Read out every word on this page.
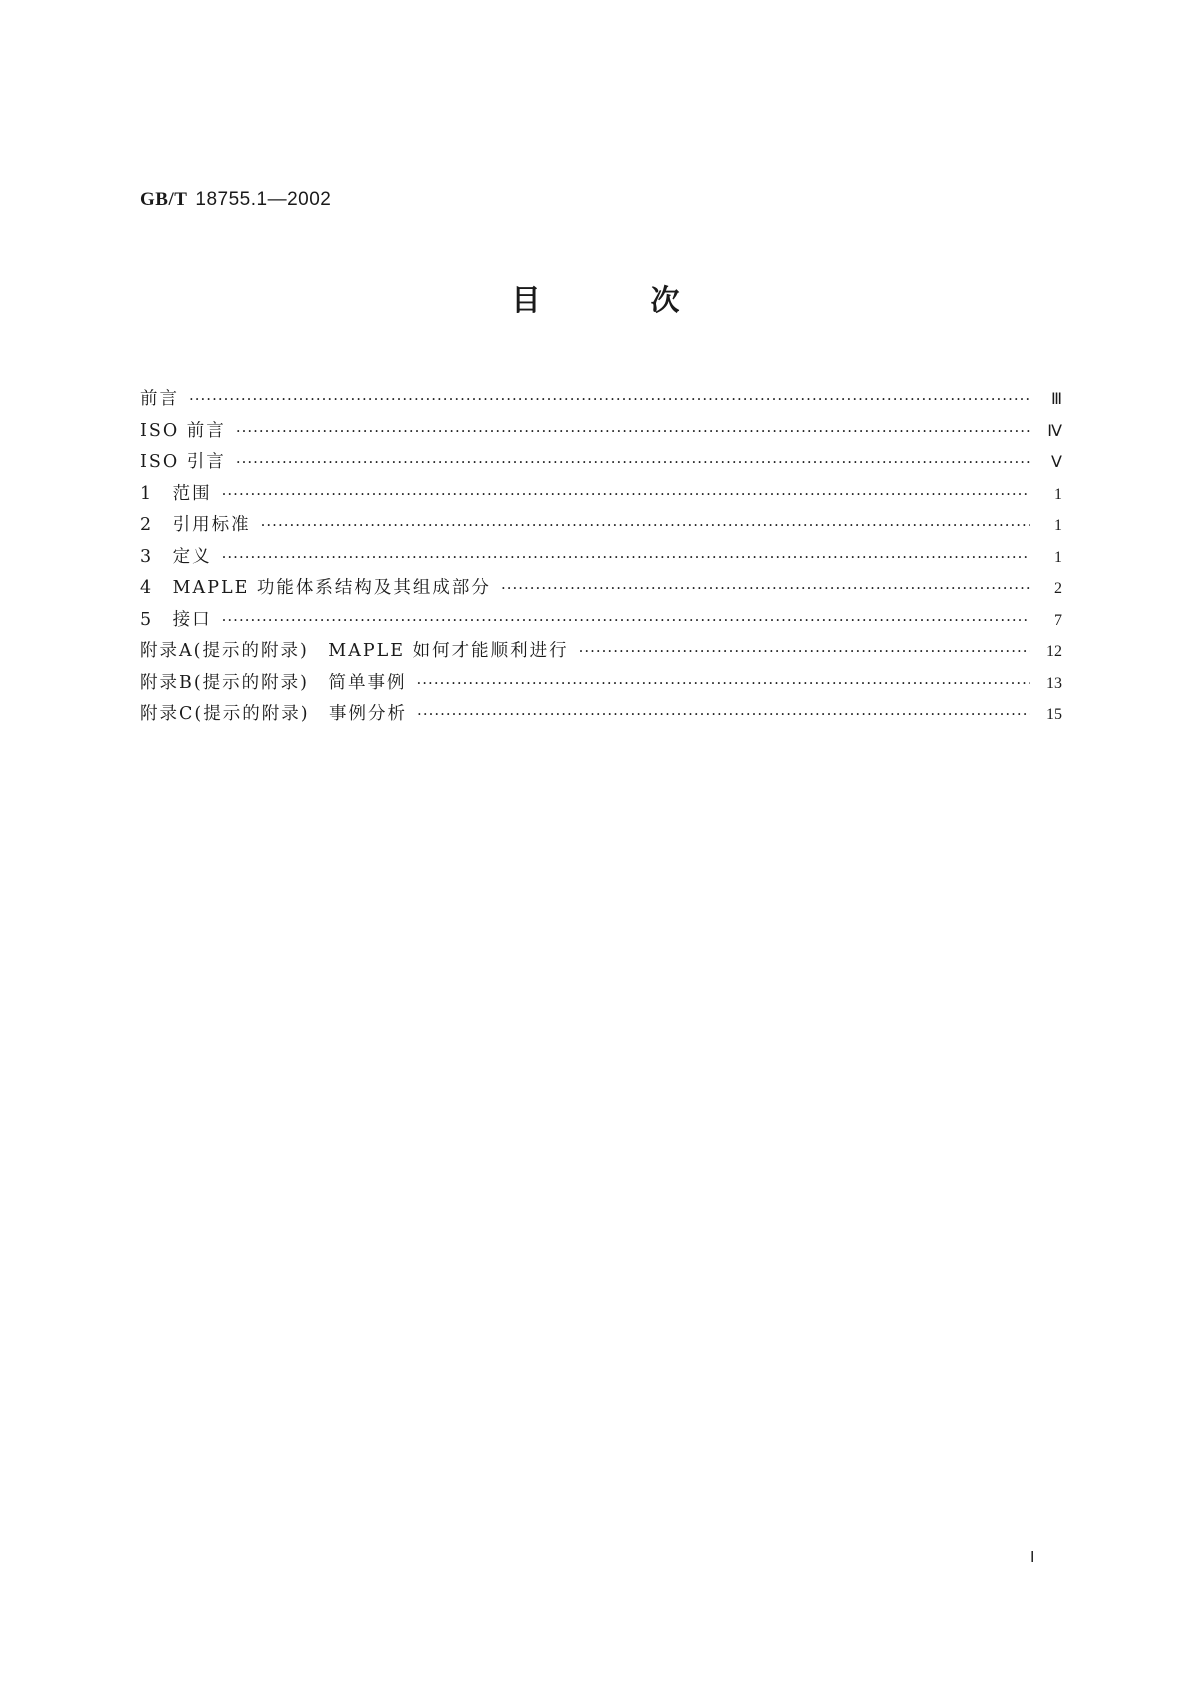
GB/T 18755.1—2002
目次
前言 ·····	Ⅲ
ISO 前言 ·····	Ⅳ
ISO 引言 ·····	Ⅴ
1　范围 ·····	1
2　引用标准 ·····	1
3　定义 ·····	1
4　MAPLE 功能体系结构及其组成部分 ·····	2
5　接口 ·····	7
附录A(提示的附录)　MAPLE 如何才能顺利进行 ·····	12
附录B(提示的附录)　简单事例 ·····	13
附录C(提示的附录)　事例分析 ·····	15
Ⅰ
